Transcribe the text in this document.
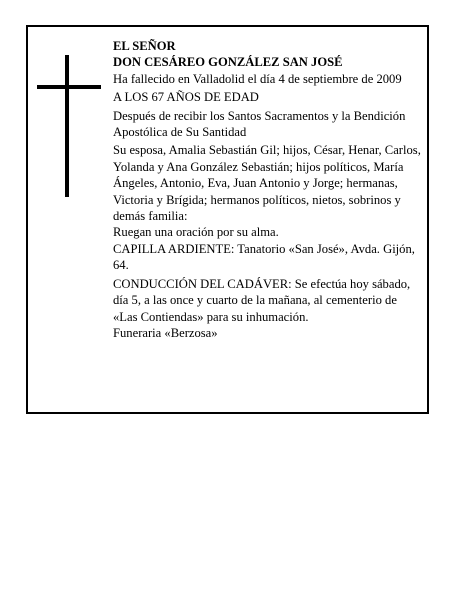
EL SEÑOR

DON CESÁREO GONZÁLEZ SAN JOSÉ

Ha fallecido en Valladolid el día 4 de septiembre de 2009

A LOS 67 AÑOS DE EDAD

Después de recibir los Santos Sacramentos y la Bendición Apostólica de Su Santidad

Su esposa, Amalia Sebastián Gil; hijos, César, Henar, Carlos, Yolanda y Ana González Sebastián; hijos políticos, María Ángeles, Antonio, Eva, Juan Antonio y Jorge; hermanas, Victoria y Brígida; hermanos políticos, nietos, sobrinos y demás familia:

Ruegan una oración por su alma.

CAPILLA ARDIENTE: Tanatorio «San José», Avda. Gijón, 64.

CONDUCCIÓN DEL CADÁVER: Se efectúa hoy sábado, día 5, a las once y cuarto de la mañana, al cementerio de «Las Contiendas» para su inhumación.

Funeraria «Berzosa»
